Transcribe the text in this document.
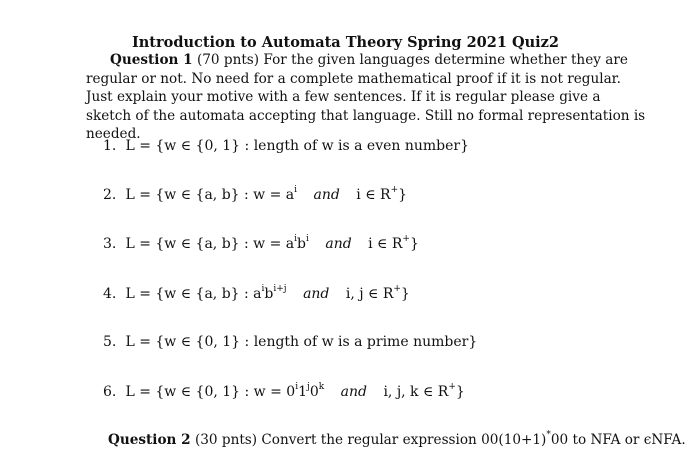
Introduction to Automata Theory Spring 2021 Quiz2
Question 1 (70 pnts) For the given languages determine whether they are regular or not. No need for a complete mathematical proof if it is not regular. Just explain your motive with a few sentences. If it is regular please give a sketch of the automata accepting that language. Still no formal representation is needed.
1. L = {w ∈ {0, 1} : length of w is a even number}
2. L = {w ∈ {a, b} : $w = a^i$ and i ∈ R+}
3. L = {w ∈ {a, b} : $w = a^ib^i$ and i ∈ R+}
4. L = {w ∈ {a, b} : $a^ib^{i+j}$ and i, j ∈ R+}
5. L = {w ∈ {0, 1} : length of w is a prime number}
6. L = {w ∈ {0, 1} : $w = 0^i1^j0^k$ and i, j, k ∈ R+}
Question 2 (30 pnts) Convert the regular expression 00(10+1)*00 to NFA or ϵNFA.
